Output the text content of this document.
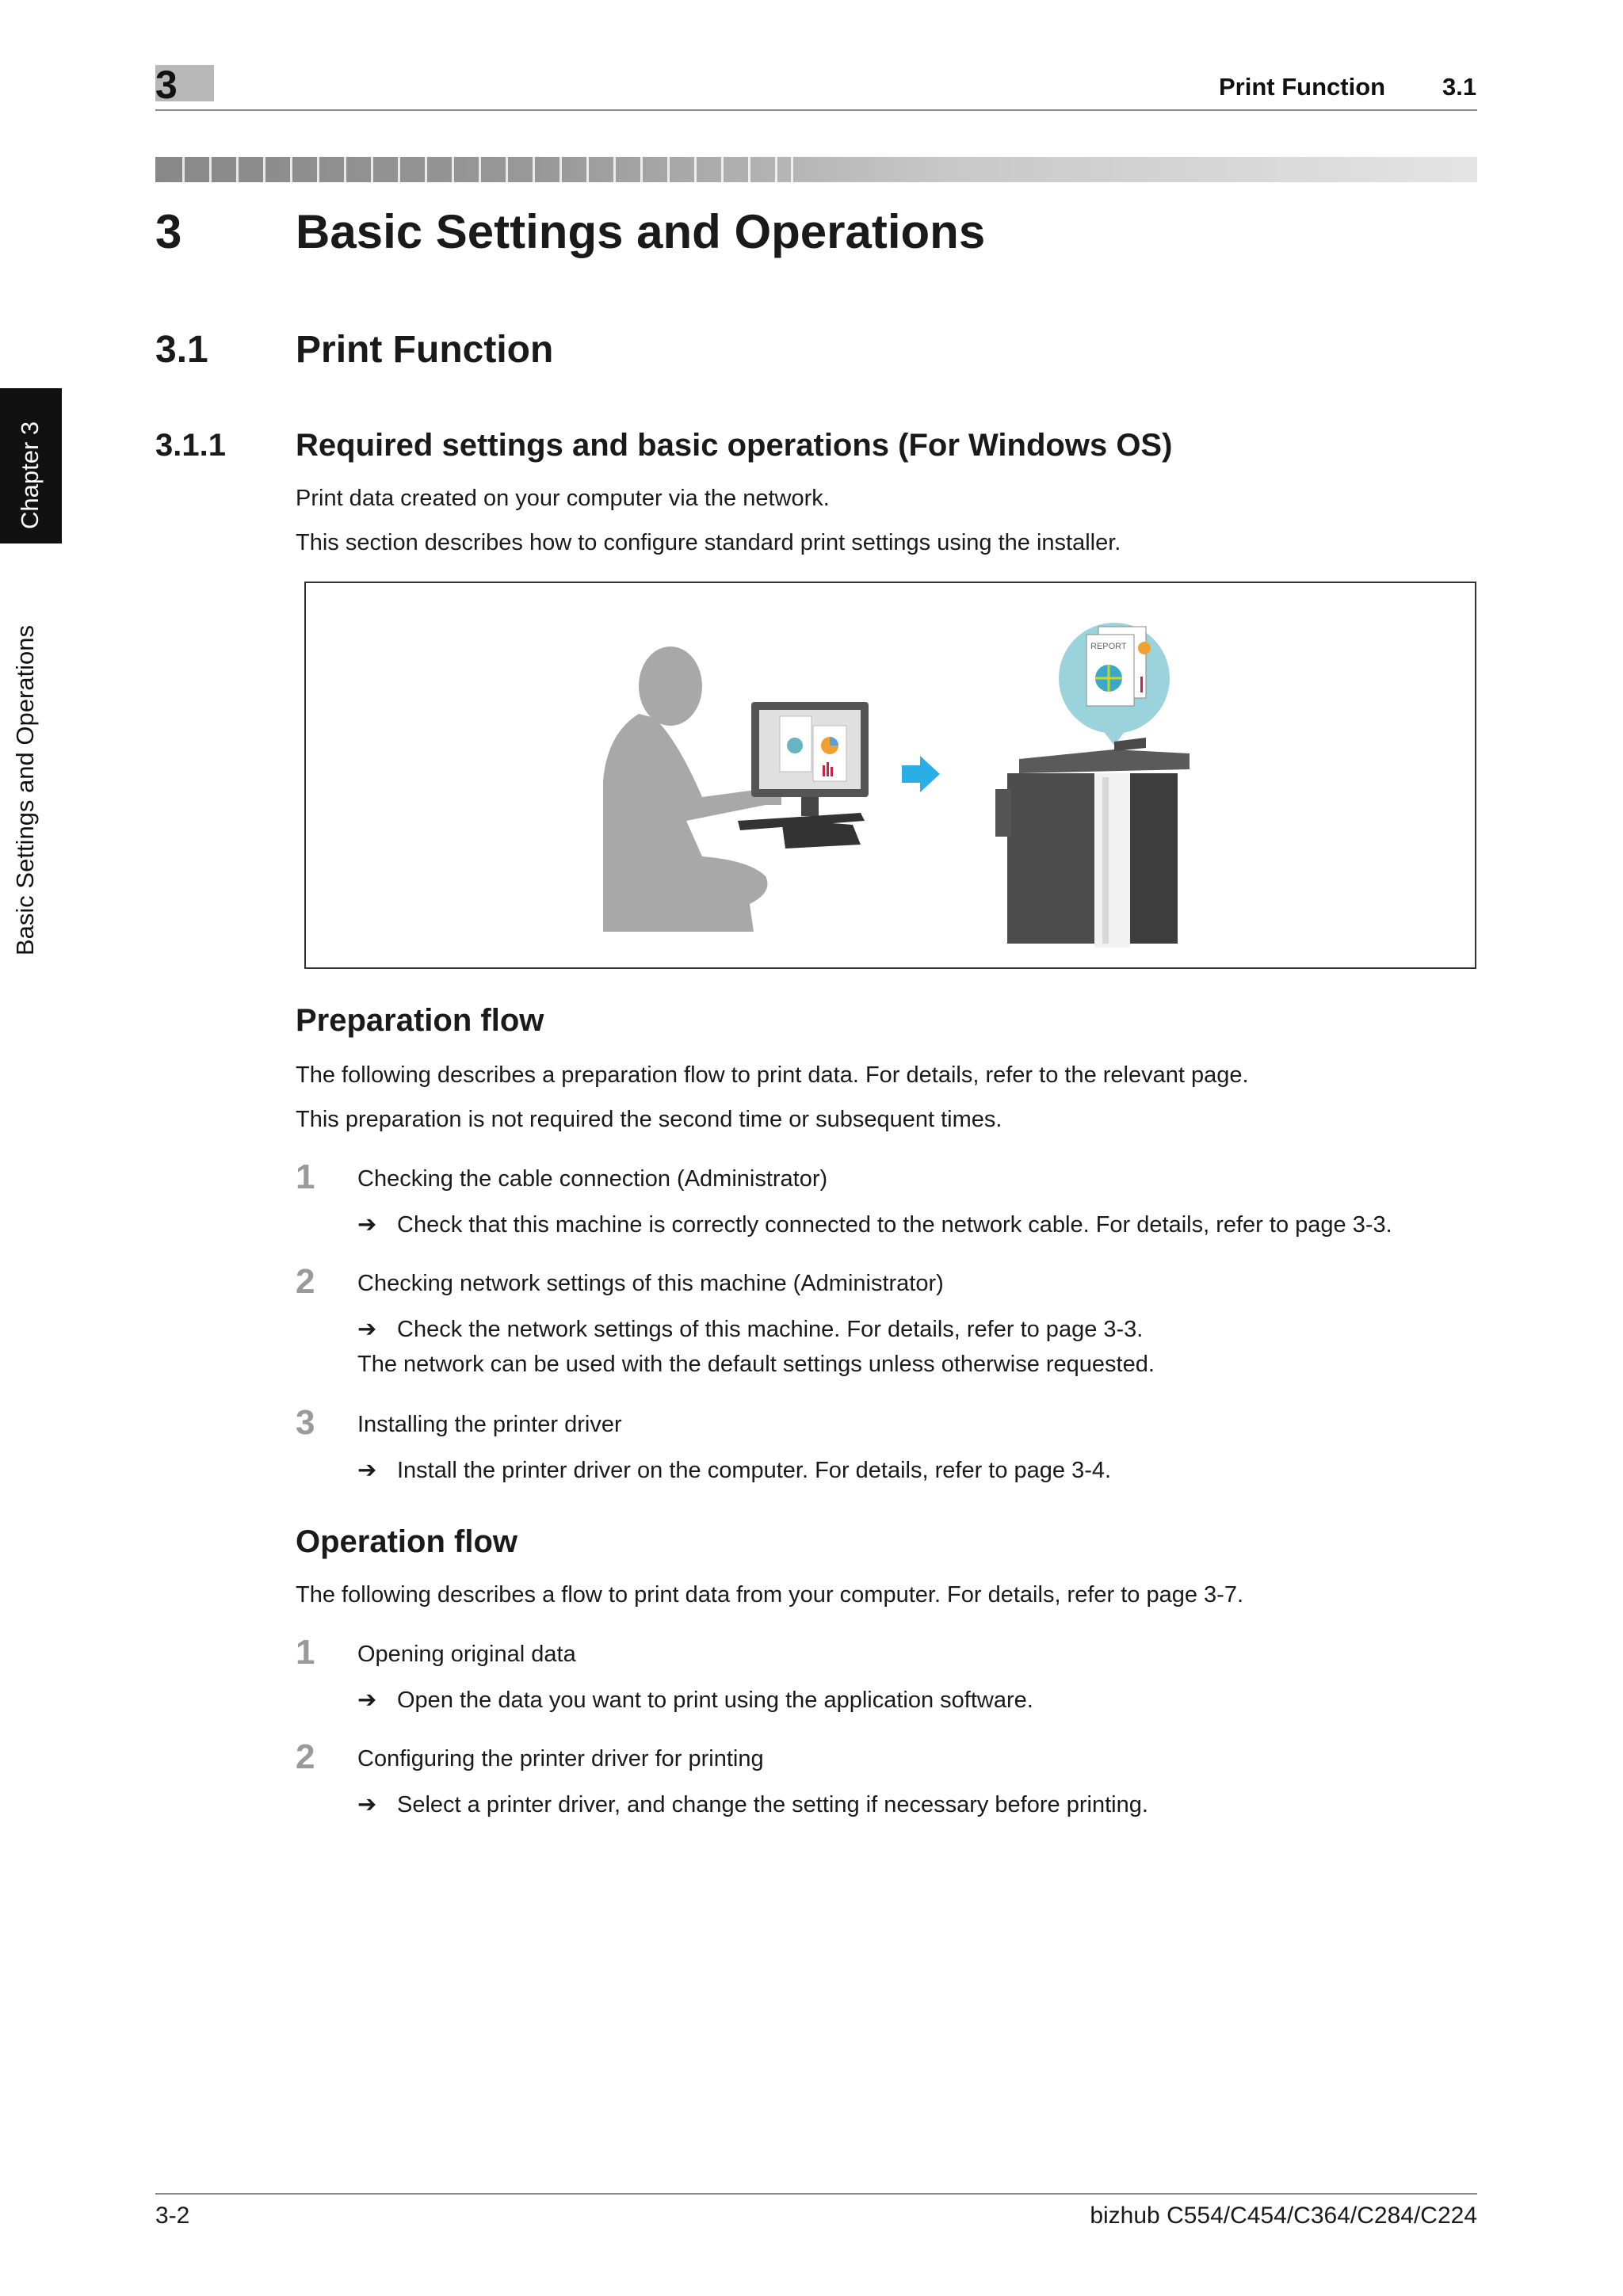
3	Print Function 3.1
Chapter 3
Basic Settings and Operations
3 Basic Settings and Operations
3.1 Print Function
3.1.1 Required settings and basic operations (For Windows OS)
Print data created on your computer via the network.
This section describes how to configure standard print settings using the installer.
REPORT
Preparation flow
The following describes a preparation flow to print data. For details, refer to the relevant page.
This preparation is not required the second time or subsequent times.
1 Checking the cable connection (Administrator)
➔ Check that this machine is correctly connected to the network cable. For details, refer to page 3-3.
2 Checking network settings of this machine (Administrator)
➔ Check the network settings of this machine. For details, refer to page 3-3.
The network can be used with the default settings unless otherwise requested.
3 Installing the printer driver
➔ Install the printer driver on the computer. For details, refer to page 3-4.
Operation flow
The following describes a flow to print data from your computer. For details, refer to page 3-7.
1 Opening original data
➔ Open the data you want to print using the application software.
2 Configuring the printer driver for printing
➔ Select a printer driver, and change the setting if necessary before printing.
3-2	bizhub C554/C454/C364/C284/C224
